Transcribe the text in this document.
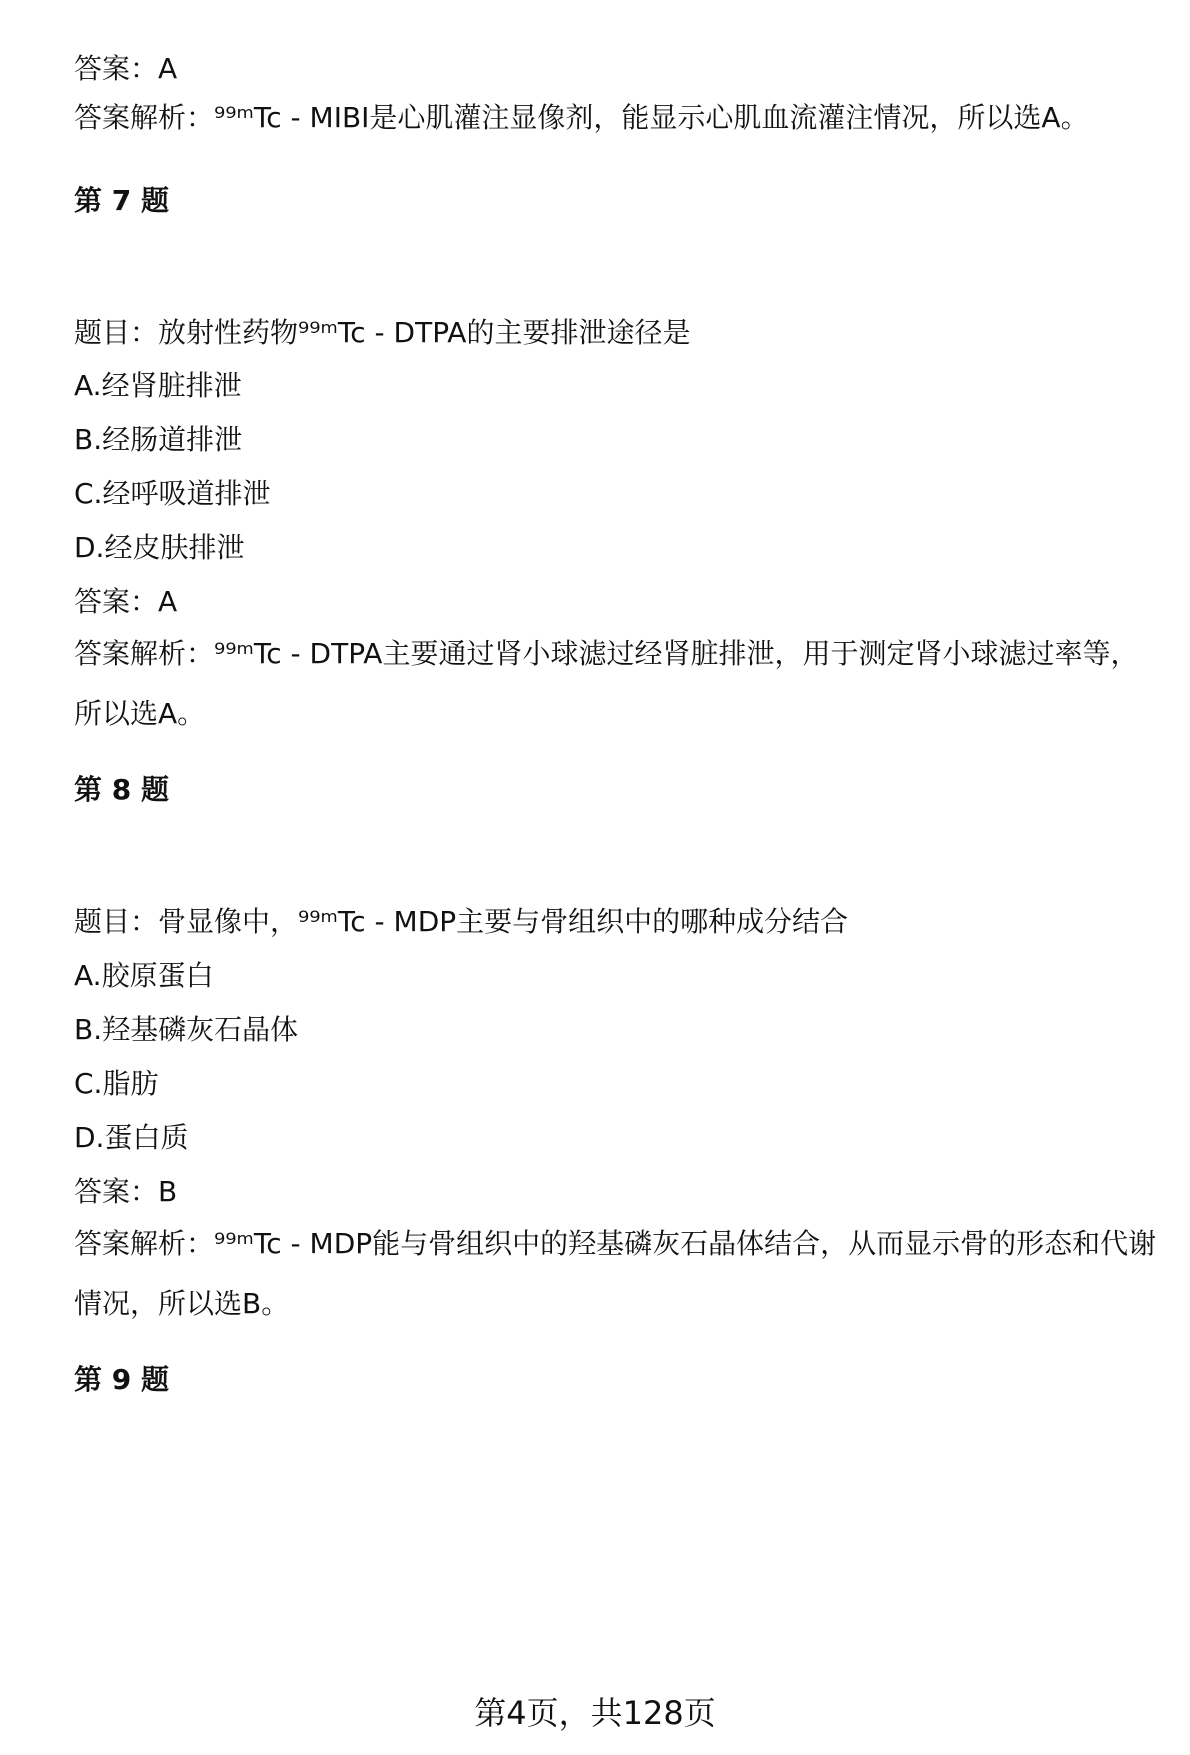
答案：A
答案解析：⁹⁹ᵐTc - MIBI是心肌灌注显像剂，能显示心肌血流灌注情况，所以选A。
第 7 题
题目：放射性药物⁹⁹ᵐTc - DTPA的主要排泄途径是
A.经肾脏排泄
B.经肠道排泄
C.经呼吸道排泄
D.经皮肤排泄
答案：A
答案解析：⁹⁹ᵐTc - DTPA主要通过肾小球滤过经肾脏排泄，用于测定肾小球滤过率等，所以选A。
第 8 题
题目：骨显像中，⁹⁹ᵐTc - MDP主要与骨组织中的哪种成分结合
A.胶原蛋白
B.羟基磷灰石晶体
C.脂肪
D.蛋白质
答案：B
答案解析：⁹⁹ᵐTc - MDP能与骨组织中的羟基磷灰石晶体结合，从而显示骨的形态和代谢情况，所以选B。
第 9 题
第4页，共128页
